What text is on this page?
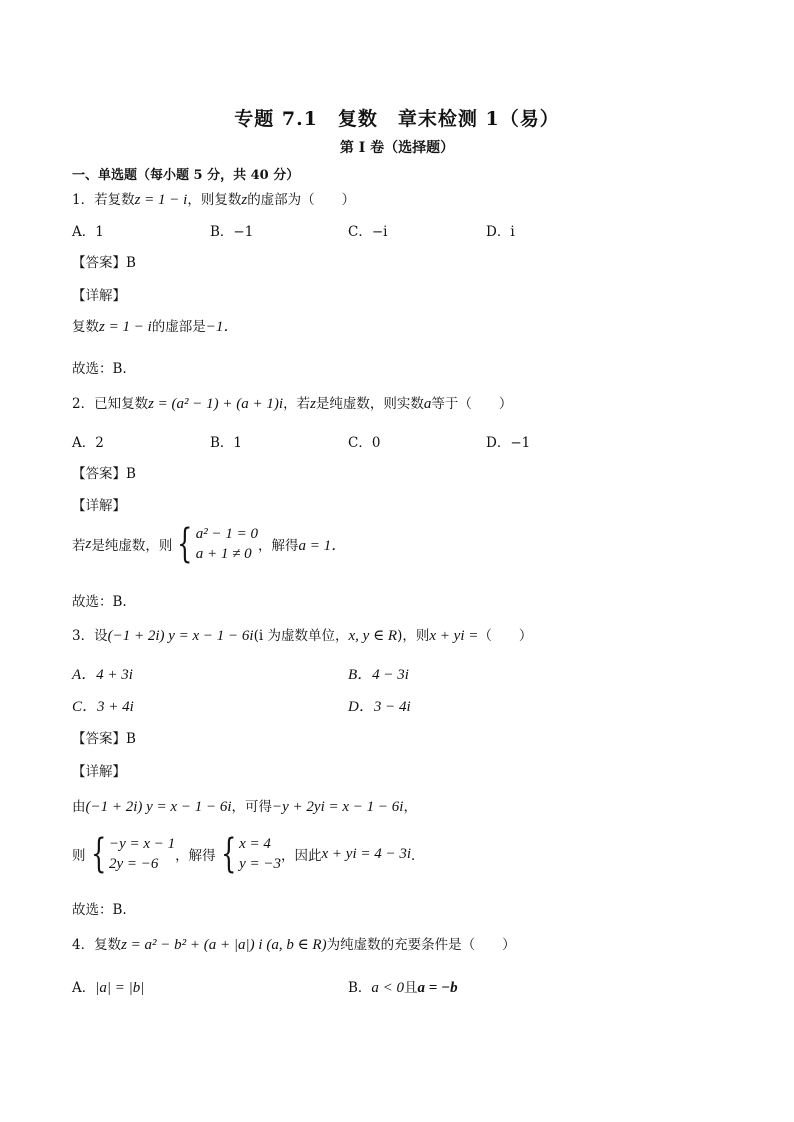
专题 7.1　复数　章末检测 1（易）
第 I 卷（选择题）
一、单选题（每小题 5 分，共 40 分）
1．若复数z = 1 − i，则复数z的虚部为（　　）
A．1	B．−1	C．−i	D．i
【答案】B
【详解】
复数z = 1 − i的虚部是−1．
故选：B.
2．已知复数z = (a² − 1) + (a + 1)i，若z是纯虚数，则实数a等于（　　）
A．2	B．1	C．0	D．−1
【答案】B
【详解】
若 z 是纯虚数，则 { a² − 1 = 0
a + 1 ≠ 0 ，解得 a = 1．
故选：B.
3．设(−1 + 2i) y = x − 1 − 6i(i 为虚数单位，x, y ∈ R)，则x + yi =（　　）
A．4 + 3i	B．4 − 3i
C．3 + 4i	D．3 − 4i
【答案】B
【详解】
由(−1 + 2i) y = x − 1 − 6i，可得−y + 2yi = x − 1 − 6i，
则 { −y = x − 1
2y = −6	，解得 { x = 4
y = −3 ，因此 x + yi = 4 − 3i ．
故选：B.
4．复数z = a² − b² + (a + |a|) i (a, b ∈ R)为纯虚数的充要条件是（　　）
A．|a| = |b|	B．a < 0且a = −b
